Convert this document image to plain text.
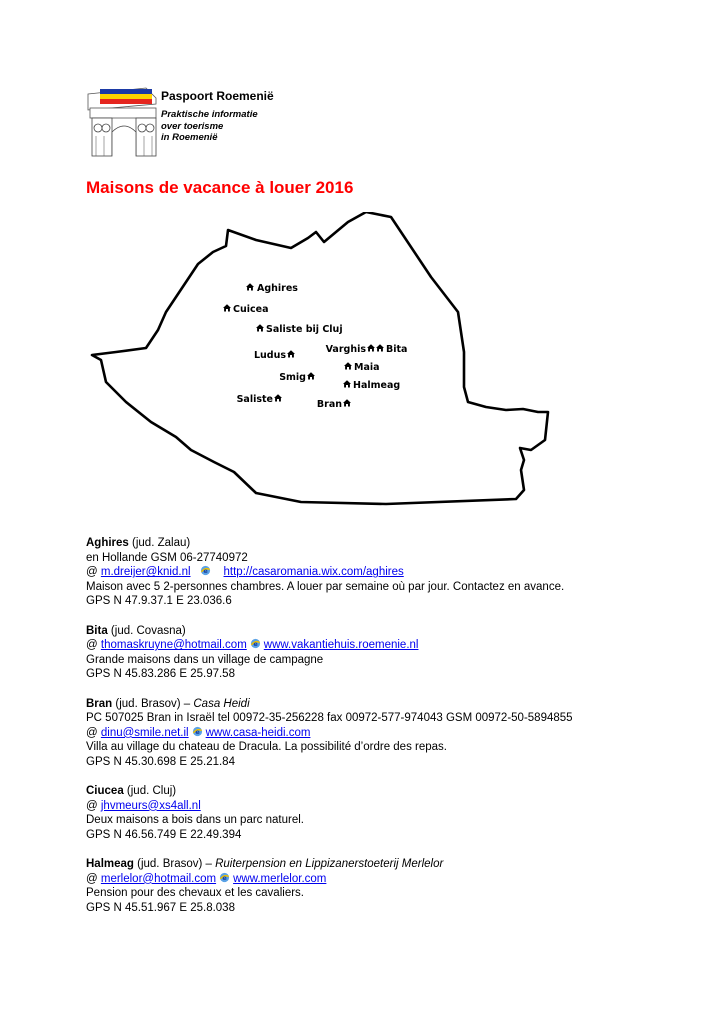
Paspoort Roemenië
Praktische informatie
over toerisme
in Roemenië
Maisons de vacance à louer 2016
Aghires
Cuicea
Saliste bij Cluj
Ludus
Varghis Bita
Smig
Maia
Halmeag
Saliste	Bran
Aghires (jud. Zalau)
en Hollande GSM 06-27740972
@ m.dreijer@knid.nl e http://casaromania.wix.com/aghires
Maison avec 5 2-personnes chambres. A louer par semaine où par jour. Contactez en avance.
GPS N 47.9.37.1 E 23.036.6
Bita (jud. Covasna)
@ thomaskruyne@hotmail.com e www.vakantiehuis.roemenie.nl
Grande maisons dans un village de campagne
GPS N 45.83.286 E 25.97.58
Bran (jud. Brasov) – Casa Heidi
PC 507025 Bran in Israël tel 00972-35-256228 fax 00972-577-974043 GSM 00972-50-5894855
@ dinu@smile.net.il e www.casa-heidi.com
Villa au village du chateau de Dracula. La possibilité d’ordre des repas.
GPS N 45.30.698 E 25.21.84
Ciucea (jud. Cluj)
@ jhvmeurs@xs4all.nl
Deux maisons a bois dans un parc naturel.
GPS N 46.56.749 E 22.49.394
Halmeag (jud. Brasov) – Ruiterpension en Lippizanerstoeterij Merlelor
@ merlelor@hotmail.com e www.merlelor.com
Pension pour des chevaux et les cavaliers.
GPS N 45.51.967 E 25.8.038
